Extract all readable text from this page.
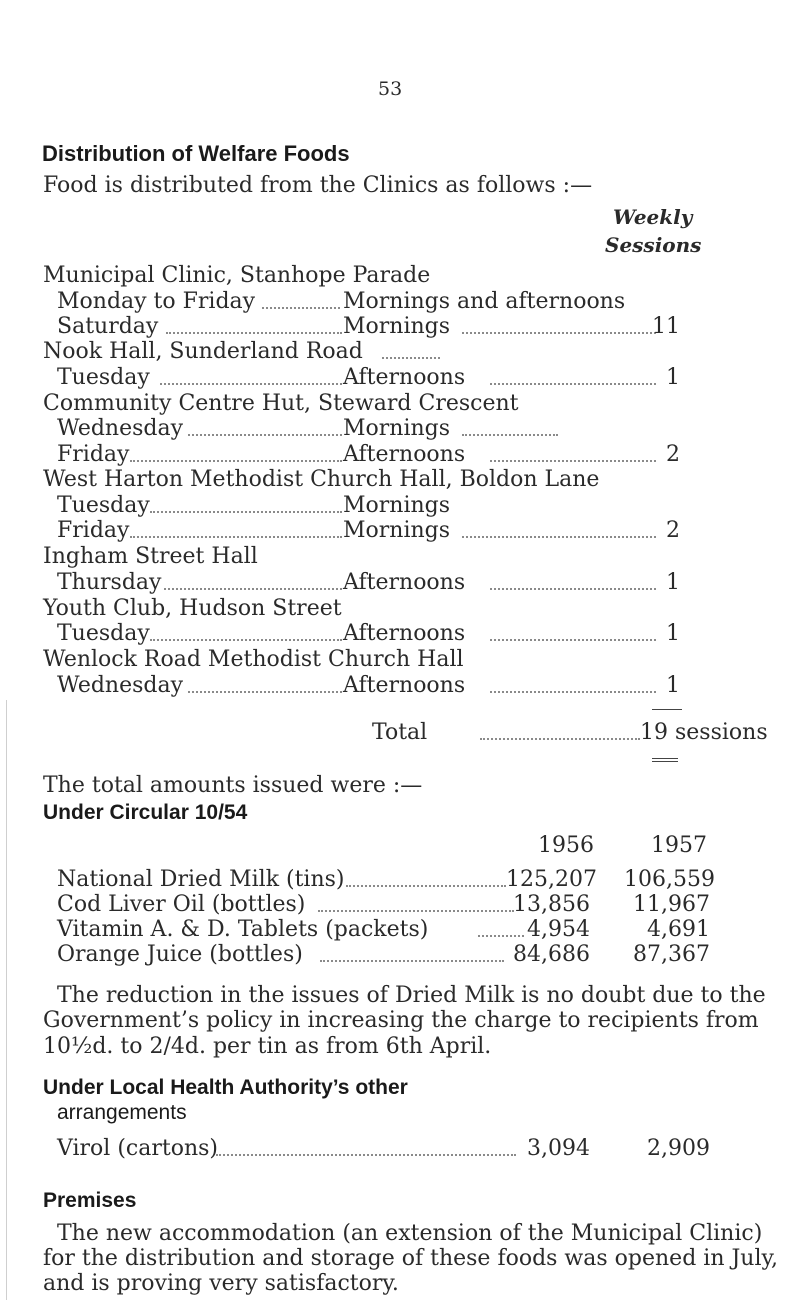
53
Distribution of Welfare Foods
Food is distributed from the Clinics as follows :—
Weekly
Sessions
Municipal Clinic, Stanhope Parade
Monday to Friday	Mornings and afternoons
Saturday	Mornings	11
Nook Hall, Sunderland Road
Tuesday	Afternoons	1
Community Centre Hut, Steward Crescent
Wednesday	Mornings
Friday	Afternoons	2
West Harton Methodist Church Hall, Boldon Lane
Tuesday	Mornings
Friday	Mornings	2
Ingham Street Hall
Thursday	Afternoons	1
Youth Club, Hudson Street
Tuesday	Afternoons	1
Wenlock Road Methodist Church Hall
Wednesday	Afternoons	1
Total	19 sessions
The total amounts issued were :—
Under Circular 10/54
1956	1957
National Dried Milk (tins)	125,207 106,559
Cod Liver Oil (bottles)	13,856	11,967
Vitamin A. & D. Tablets (packets)	4,954	4,691
Orange Juice (bottles)	84,686	87,367
The reduction in the issues of Dried Milk is no doubt due to the
Government’s policy in increasing the charge to recipients from
10½d. to 2/4d. per tin as from 6th April.
Under Local Health Authority’s other
arrangements
Virol (cartons)	3,094	2,909
Premises
The new accommodation (an extension of the Municipal Clinic)
for the distribution and storage of these foods was opened in July,
and is proving very satisfactory.
